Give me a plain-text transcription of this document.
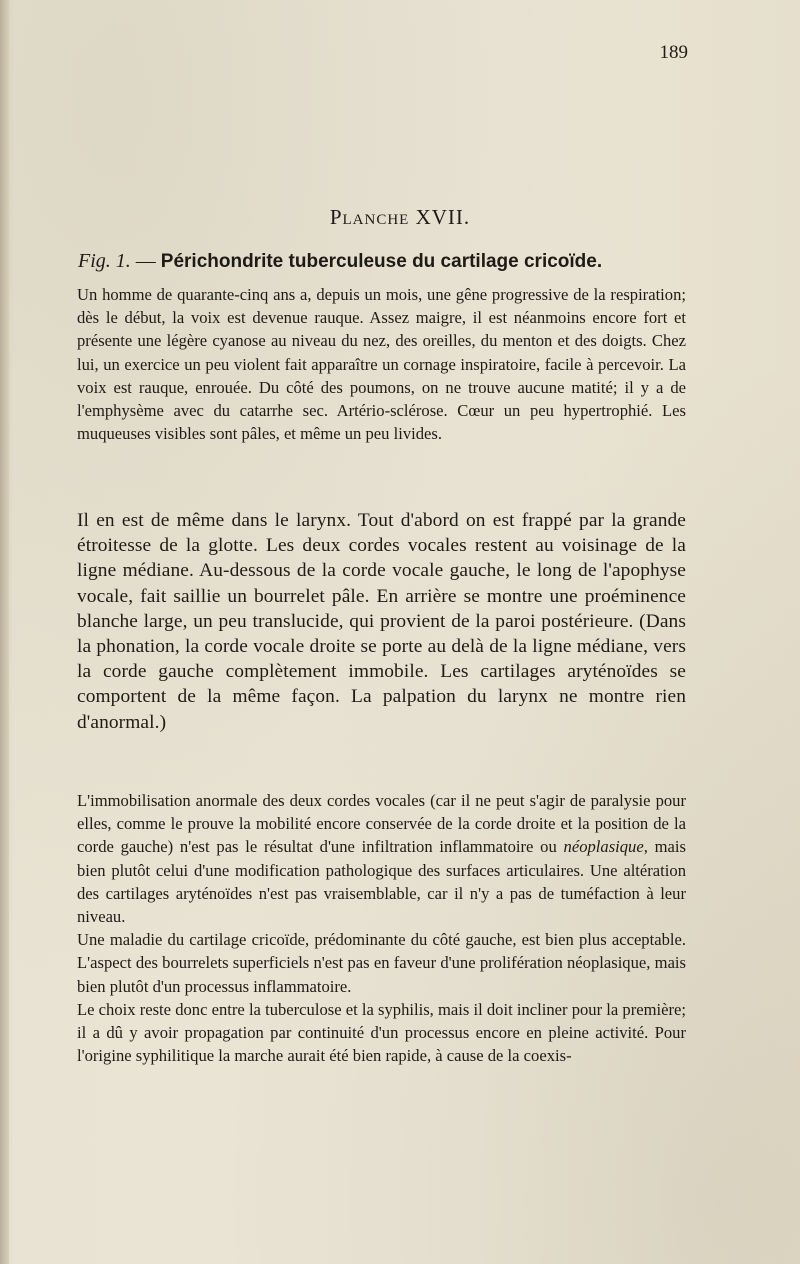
189
Planche XVII.
Fig. 1. — Périchondrite tuberculeuse du cartilage cricoïde.

Un homme de quarante-cinq ans a, depuis un mois, une gêne progressive de la respiration; dès le début, la voix est devenue rauque. Assez maigre, il est néanmoins encore fort et présente une légère cyanose au niveau du nez, des oreilles, du menton et des doigts. Chez lui, un exercice un peu violent fait apparaître un cornage inspiratoire, facile à percevoir. La voix est rauque, enrouée. Du côté des poumons, on ne trouve aucune matité; il y a de l'emphysème avec du catarrhe sec. Artério-sclérose. Cœur un peu hypertrophié. Les muqueuses visibles sont pâles, et même un peu livides.

Il en est de même dans le larynx. Tout d'abord on est frappé par la grande étroitesse de la glotte. Les deux cordes vocales restent au voisinage de la ligne médiane. Au-dessous de la corde vocale gauche, le long de l'apophyse vocale, fait saillie un bourrelet pâle. En arrière se montre une proéminence blanche large, un peu translucide, qui provient de la paroi postérieure. (Dans la phonation, la corde vocale droite se porte au delà de la ligne médiane, vers la corde gauche complètement immobile. Les cartilages aryténoïdes se comportent de la même façon. La palpation du larynx ne montre rien d'anormal.)

L'immobilisation anormale des deux cordes vocales (car il ne peut s'agir de paralysie pour elles, comme le prouve la mobilité encore conservée de la corde droite et la position de la corde gauche) n'est pas le résultat d'une infiltration inflammatoire ou néoplasique, mais bien plutôt celui d'une modification pathologique des surfaces articulaires. Une altération des cartilages aryténoïdes n'est pas vraisemblable, car il n'y a pas de tuméfaction à leur niveau.

Une maladie du cartilage cricoïde, prédominante du côté gauche, est bien plus acceptable. L'aspect des bourrelets superficiels n'est pas en faveur d'une prolifération néoplasique, mais bien plutôt d'un processus inflammatoire.

Le choix reste donc entre la tuberculose et la syphilis, mais il doit incliner pour la première; il a dû y avoir propagation par continuité d'un processus encore en pleine activité. Pour l'origine syphilitique la marche aurait été bien rapide, à cause de la coexis-
